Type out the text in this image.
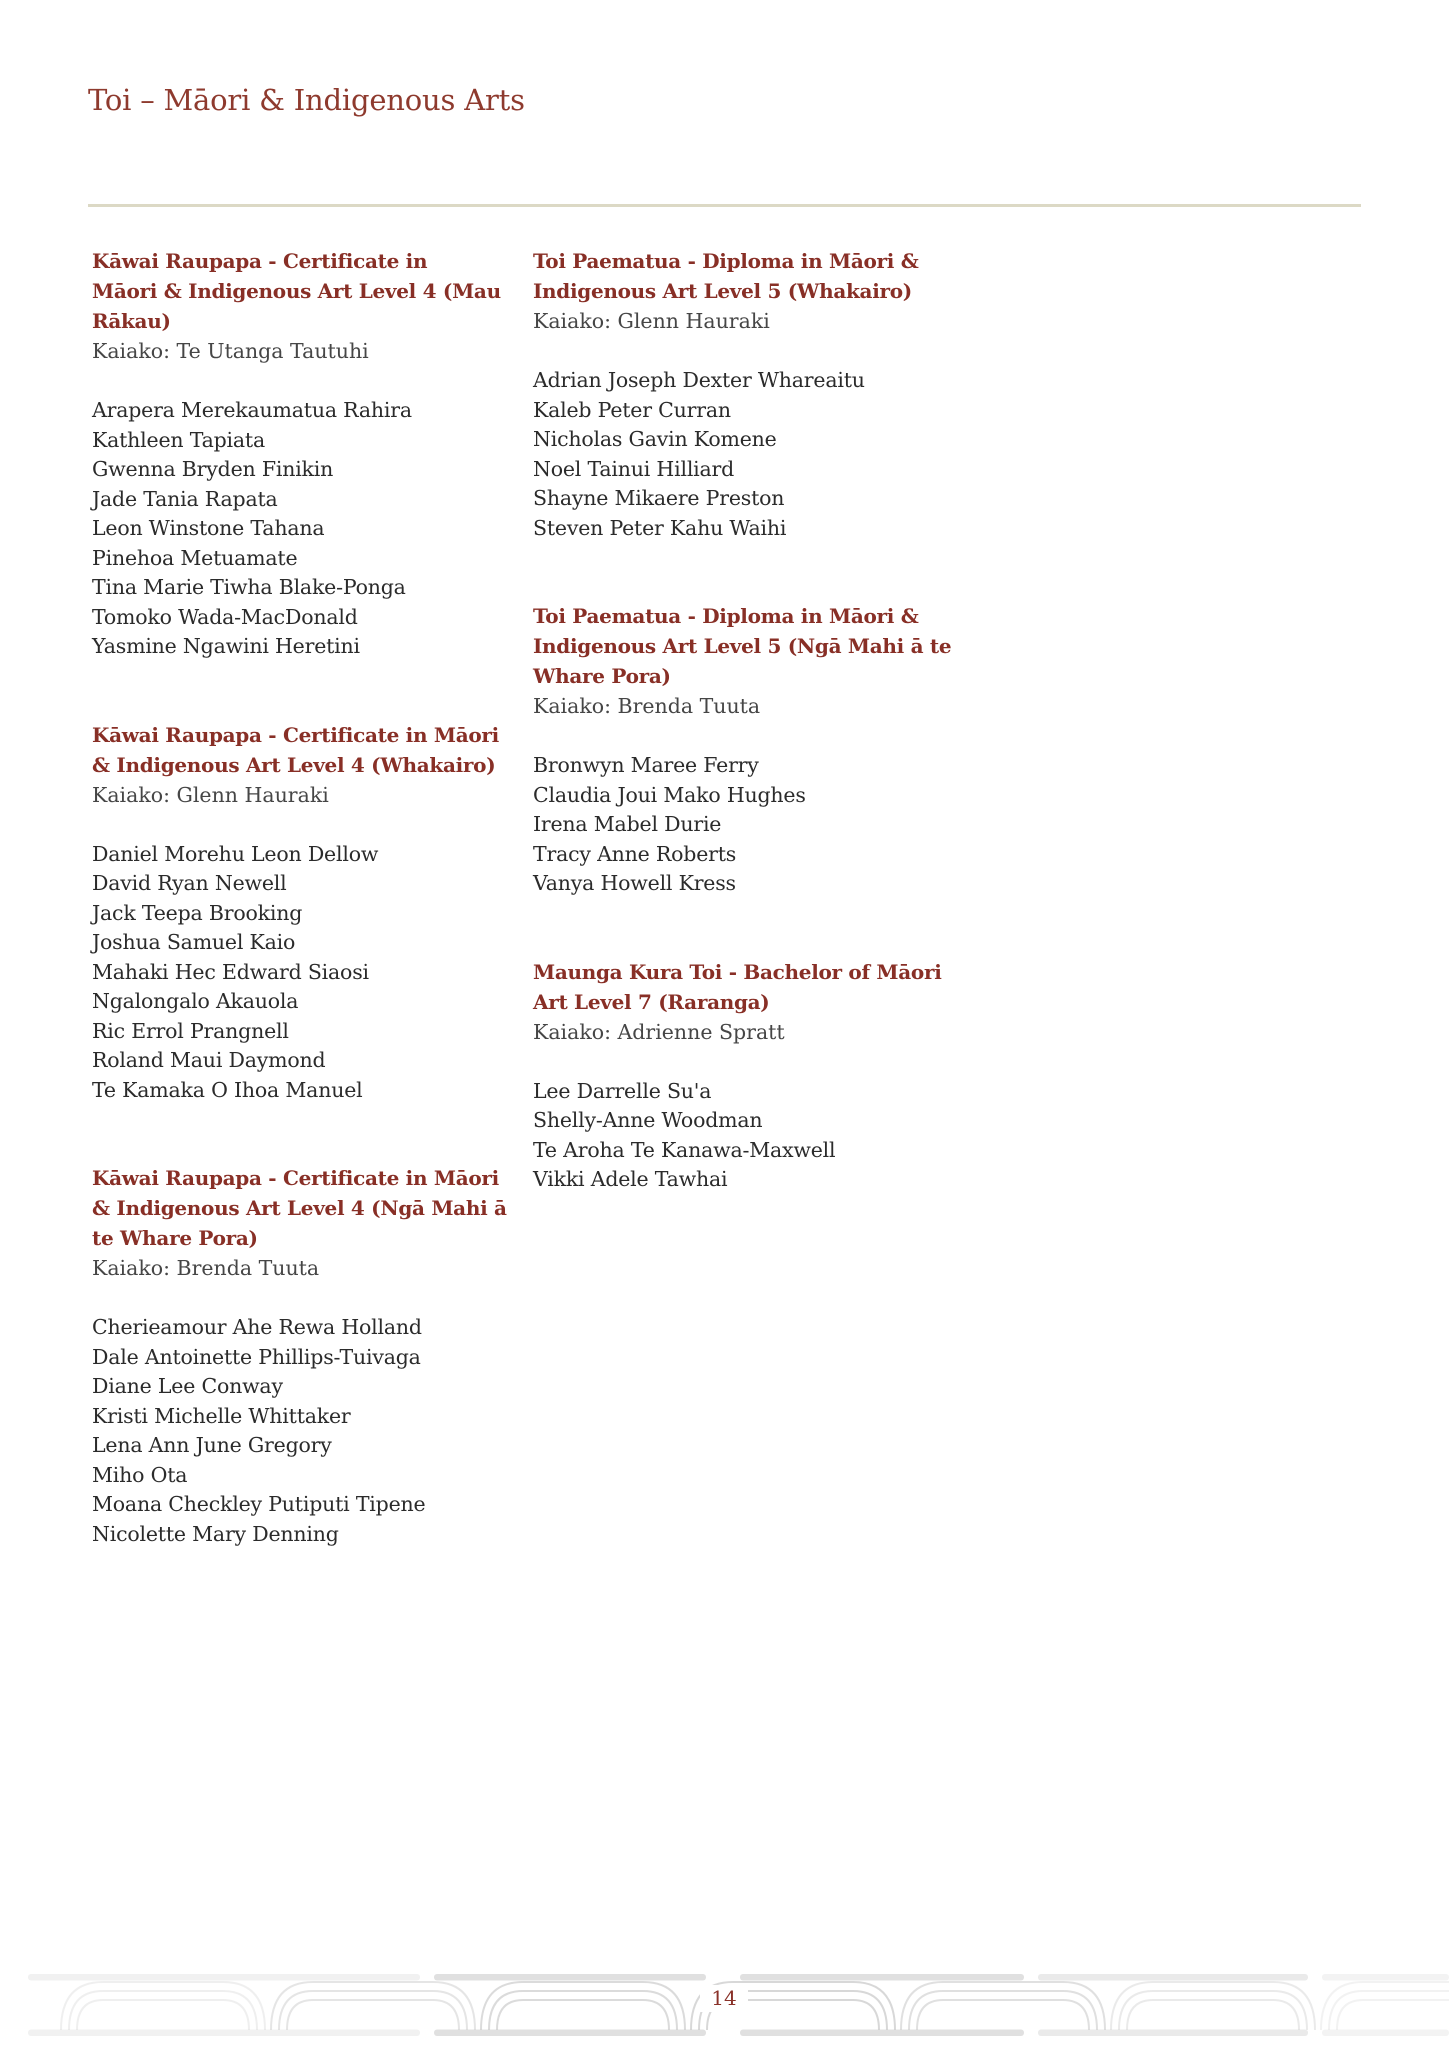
Toi – Māori & Indigenous Arts
Kāwai Raupapa - Certificate in
Māori & Indigenous Art Level 4 (Mau
Rākau)
Kaiako: Te Utanga Tautuhi
Arapera Merekaumatua Rahira
Kathleen Tapiata
Gwenna Bryden Finikin
Jade Tania Rapata
Leon Winstone Tahana
Pinehoa Metuamate
Tina Marie Tiwha Blake-Ponga
Tomoko Wada-MacDonald
Yasmine Ngawini Heretini
Kāwai Raupapa - Certificate in Māori
& Indigenous Art Level 4 (Whakairo)
Kaiako: Glenn Hauraki
Daniel Morehu Leon Dellow
David Ryan Newell
Jack Teepa Brooking
Joshua Samuel Kaio
Mahaki Hec Edward Siaosi
Ngalongalo Akauola
Ric Errol Prangnell
Roland Maui Daymond
Te Kamaka O Ihoa Manuel
Kāwai Raupapa - Certificate in Māori
& Indigenous Art Level 4 (Ngā Mahi ā
te Whare Pora)
Kaiako: Brenda Tuuta
Cherieamour Ahe Rewa Holland
Dale Antoinette Phillips-Tuivaga
Diane Lee Conway
Kristi Michelle Whittaker
Lena Ann June Gregory
Miho Ota
Moana Checkley Putiputi Tipene
Nicolette Mary Denning
Toi Paematua - Diploma in Māori &
Indigenous Art Level 5 (Whakairo)
Kaiako: Glenn Hauraki
Adrian Joseph Dexter Whareaitu
Kaleb Peter Curran
Nicholas Gavin Komene
Noel Tainui Hilliard
Shayne Mikaere Preston
Steven Peter Kahu Waihi
Toi Paematua - Diploma in Māori &
Indigenous Art Level 5 (Ngā Mahi ā te
Whare Pora)
Kaiako: Brenda Tuuta
Bronwyn Maree Ferry
Claudia Joui Mako Hughes
Irena Mabel Durie
Tracy Anne Roberts
Vanya Howell Kress
Maunga Kura Toi - Bachelor of Māori
Art Level 7 (Raranga)
Kaiako: Adrienne Spratt
Lee Darrelle Su'a
Shelly-Anne Woodman
Te Aroha Te Kanawa-Maxwell
Vikki Adele Tawhai
14
